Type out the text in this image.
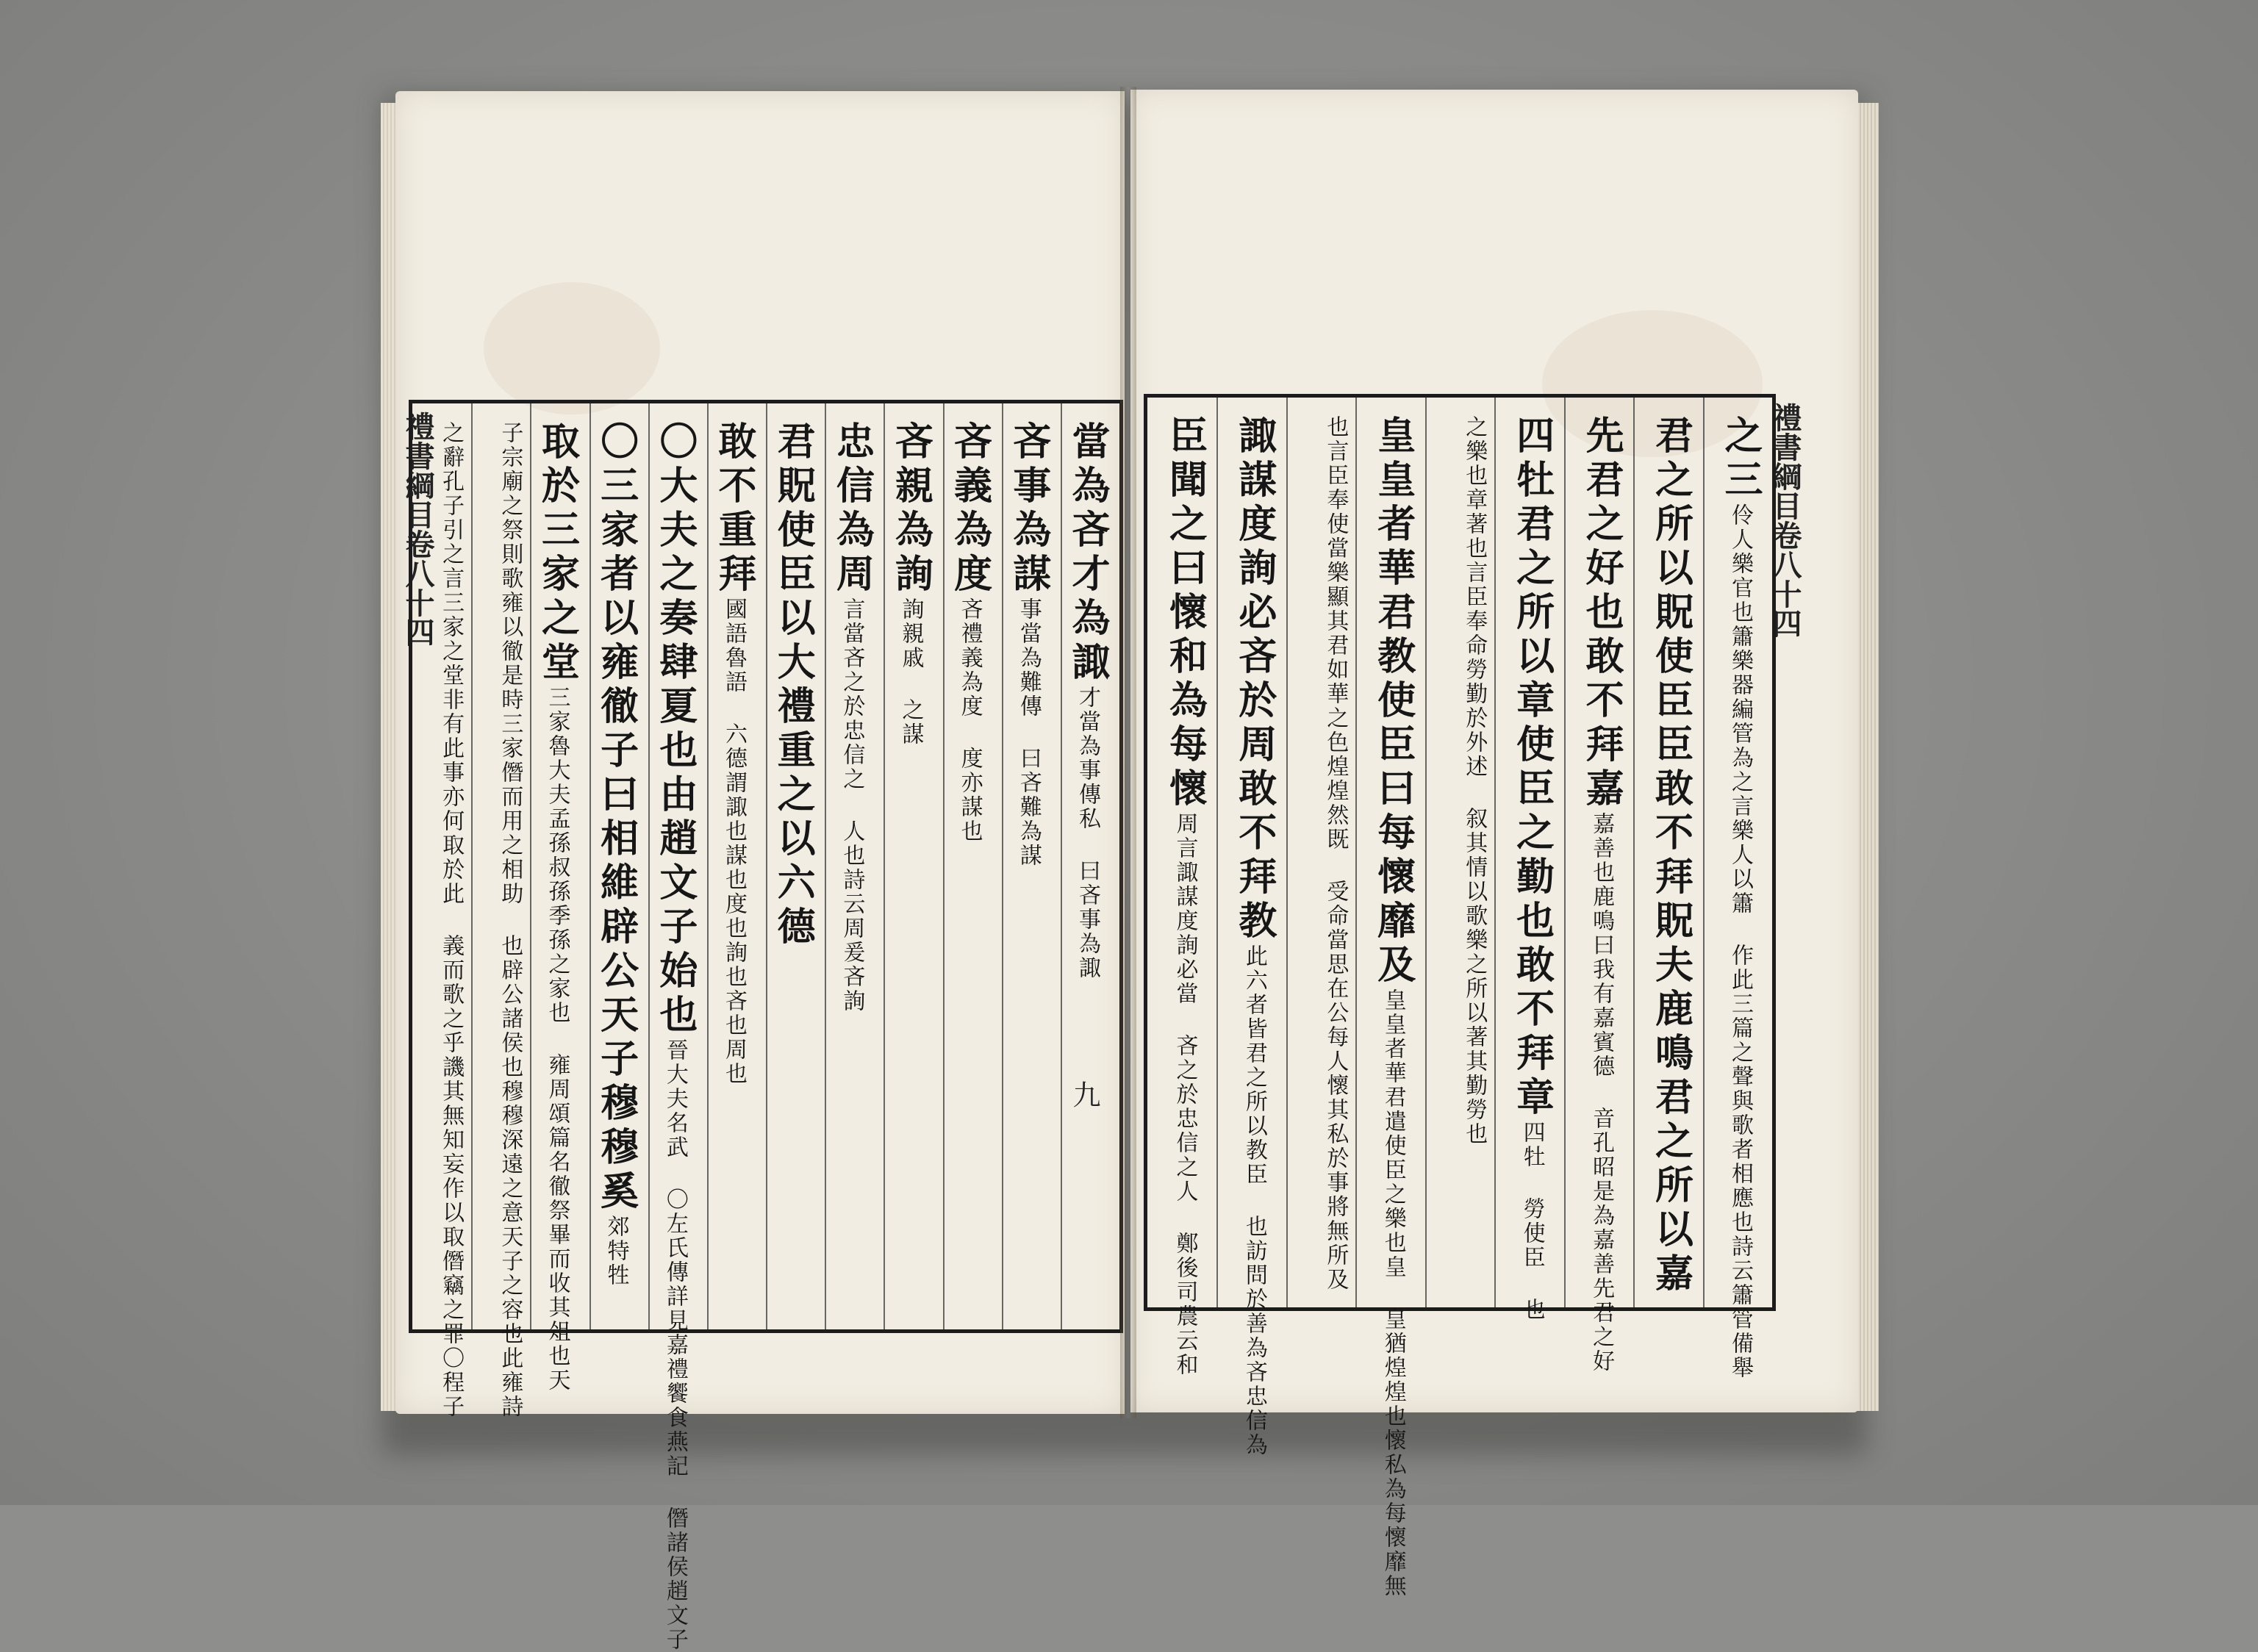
禮書綱目卷八十四	當為吝才為諏才當為事傳私 曰吝事為諏
吝事為謀事當為難傳 曰吝難為謀
吝義為度吝禮義為度 度亦謀也
吝親為詢詢親戚 之謀
忠信為周言當吝之於忠信之 人也詩云周爰吝詢
君貺使臣以大禮重之以六德
敢不重拜國語魯語 六德謂諏也謀也度也詢也吝也周也
〇大夫之奏肆夏也由趙文子始也晉大夫名武 〇左氏傳詳見嘉禮饗食燕記 僭諸侯趙文子
〇三家者以雍徹子曰相維辟公天子穆穆奚郊特牲
取於三家之堂三家魯大夫孟孫叔孫季孫之家也 雍周頌篇名徹祭畢而收其俎也天
子宗廟之祭則歌雍以徹是時三家僭而用之相助 也辟公諸侯也穆穆深遠之意天子之容也此雍詩
之辭孔子引之言三家之堂非有此事亦何取於此 義而歌之乎譏其無知妄作以取僭竊之罪〇程子	九
禮書綱目卷八十四
之三伶人樂官也簫樂器編管為之言樂人以簫 作此三篇之聲與歌者相應也詩云簫管備舉
君之所以貺使臣臣敢不拜貺夫鹿鳴君之所以嘉
先君之好也敢不拜嘉嘉善也鹿鳴曰我有嘉賓德 音孔昭是為嘉善先君之好
四牡君之所以章使臣之勤也敢不拜章四牡 勞使臣 也
之樂也章著也言臣奉命勞勤於外述 叙其情以歌樂之所以著其勤勞也
皇皇者華君教使臣曰每懷靡及皇皇者華君遣使臣之樂也皇 皇猶煌煌也懷私為每懷靡無
也言臣奉使當樂顯其君如華之色煌煌然既 受命當思在公每人懷其私於事將無所及
諏謀度詢必吝於周敢不拜教此六者皆君之所以教臣 也訪問於善為吝忠信為
臣聞之曰懷和為每懷周言諏謀度詢必當 吝之於忠信之人 鄭後司農云和
